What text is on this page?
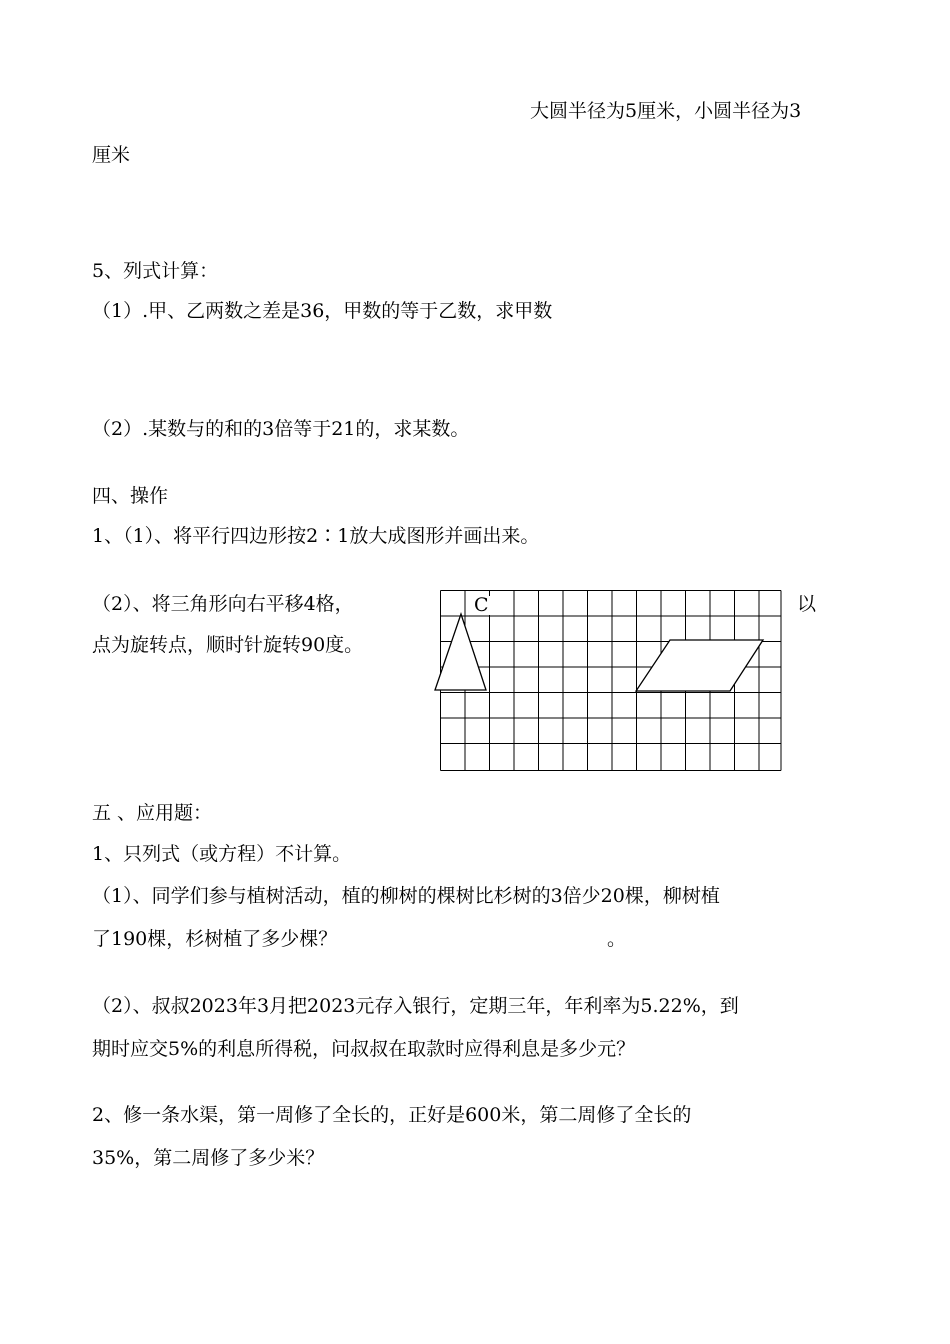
大圆半径为5厘米，小圆半径为3
厘米
5、列式计算：
（1）.甲、乙两数之差是36，甲数的等于乙数，求甲数
（2）.某数与的和的3倍等于21的，求某数。
四、操作
1、（1）、将平行四边形按2∶1放大成图形并画出来。
（2）、将三角形向右平移4格，	以
点为旋转点，顺时针旋转90度。
C
五 、应用题：
1、只列式（或方程）不计算。
（1）、同学们参与植树活动，植的柳树的棵树比杉树的3倍少20棵，柳树植
了190棵，杉树植了多少棵？	。
（2）、叔叔2023年3月把2023元存入银行，定期三年，年利率为5.22%，到
期时应交5%的利息所得税，问叔叔在取款时应得利息是多少元？
2、修一条水渠，第一周修了全长的，正好是600米，第二周修了全长的
35%，第二周修了多少米？
